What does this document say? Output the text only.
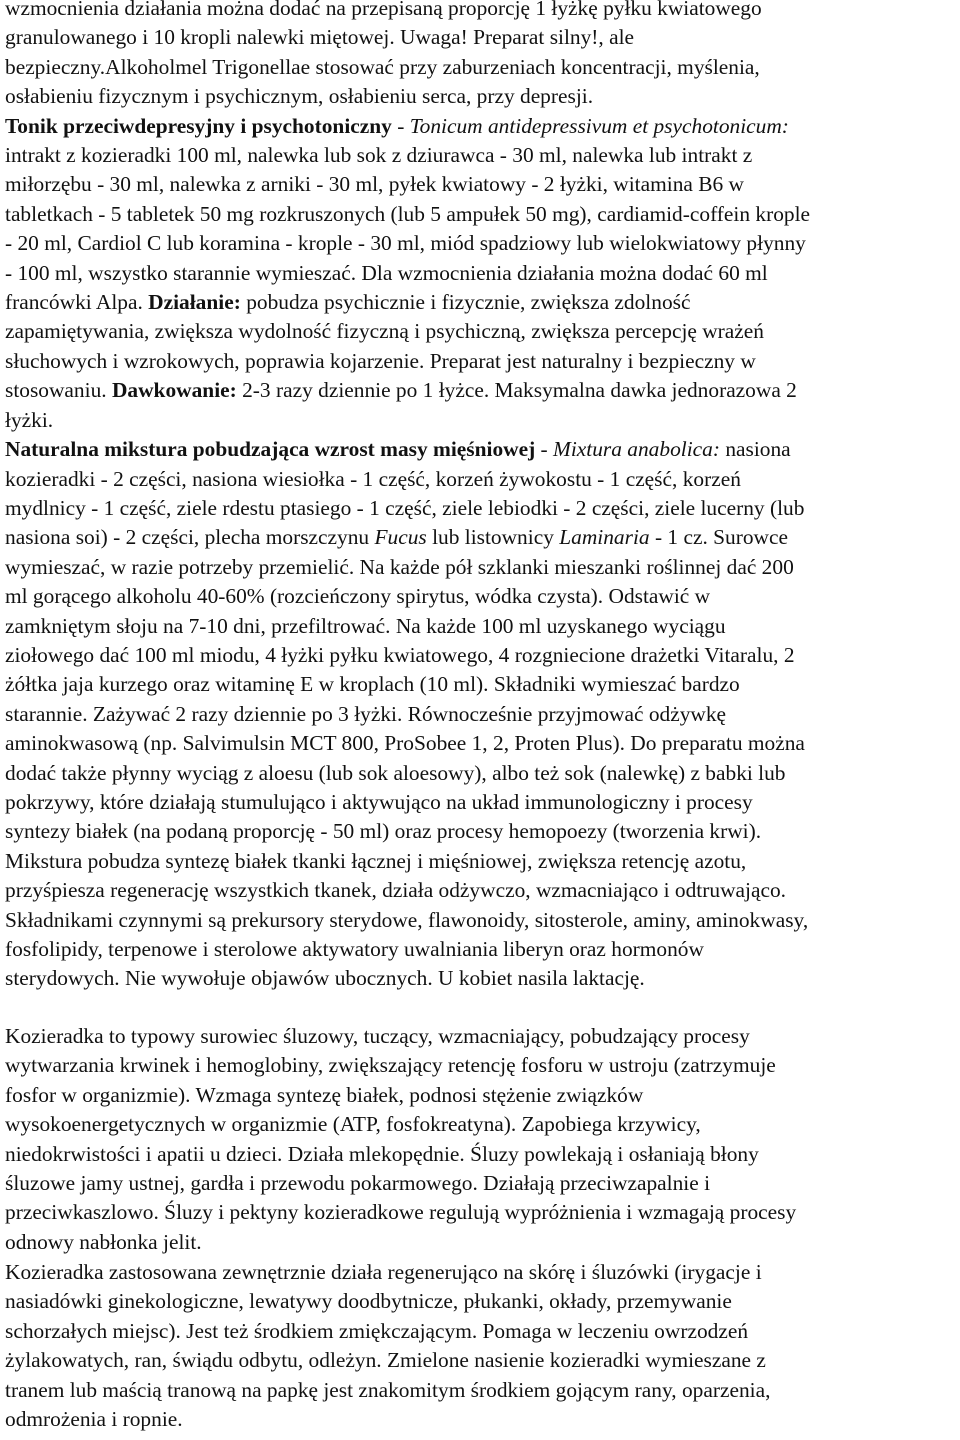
wzmocnienia działania można dodać na przepisaną proporcję 1 łyżkę pyłku kwiatowego
granulowanego i 10 kropli nalewki miętowej. Uwaga! Preparat silny!, ale
bezpieczny.Alkoholmel Trigonellae stosować przy zaburzeniach koncentracji, myślenia,
osłabieniu fizycznym i psychicznym, osłabieniu serca, przy depresji.
Tonik przeciwdepresyjny i psychotoniczny - Tonicum antidepressivum et psychotonicum:
intrakt z kozieradki 100 ml, nalewka lub sok z dziurawca - 30 ml, nalewka lub intrakt z
miłorzębu - 30 ml, nalewka z arniki - 30 ml, pyłek kwiatowy - 2 łyżki, witamina B6 w
tabletkach - 5 tabletek 50 mg rozkruszonych (lub 5 ampułek 50 mg), cardiamid-coffein krople
- 20 ml, Cardiol C lub koramina - krople - 30 ml, miód spadziowy lub wielokwiatowy płynny
- 100 ml, wszystko starannie wymieszać. Dla wzmocnienia działania można dodać 60 ml
francówki Alpa. Działanie: pobudza psychicznie i fizycznie, zwiększa zdolność
zapamiętywania, zwiększa wydolność fizyczną i psychiczną, zwiększa percepcję wrażeń
słuchowych i wzrokowych, poprawia kojarzenie. Preparat jest naturalny i bezpieczny w
stosowaniu. Dawkowanie: 2-3 razy dziennie po 1 łyżce. Maksymalna dawka jednorazowa 2
łyżki.
Naturalna mikstura pobudzająca wzrost masy mięśniowej - Mixtura anabolica: nasiona
kozieradki - 2 części, nasiona wiesiołka - 1 część, korzeń żywokostu - 1 część, korzeń
mydlnicy - 1 część, ziele rdestu ptasiego - 1 część, ziele lebiodki - 2 części, ziele lucerny (lub
nasiona soi) - 2 części, plecha morszczynu Fucus lub listownicy Laminaria - 1 cz. Surowce
wymieszać, w razie potrzeby przemielić. Na każde pół szklanki mieszanki roślinnej dać 200
ml gorącego alkoholu 40-60% (rozcieńczony spirytus, wódka czysta). Odstawić w
zamkniętym słoju na 7-10 dni, przefiltrować. Na każde 100 ml uzyskanego wyciągu
ziołowego dać 100 ml miodu, 4 łyżki pyłku kwiatowego, 4 rozgniecione drażetki Vitaralu, 2
żółtka jaja kurzego oraz witaminę E w kroplach (10 ml). Składniki wymieszać bardzo
starannie. Zażywać 2 razy dziennie po 3 łyżki. Równocześnie przyjmować odżywkę
aminokwasową (np. Salvimulsin MCT 800, ProSobee 1, 2, Proten Plus). Do preparatu można
dodać także płynny wyciąg z aloesu (lub sok aloesowy), albo też sok (nalewkę) z babki lub
pokrzywy, które działają stumulująco i aktywująco na układ immunologiczny i procesy
syntezy białek (na podaną proporcję - 50 ml) oraz procesy hemopoezy (tworzenia krwi).
Mikstura pobudza syntezę białek tkanki łącznej i mięśniowej, zwiększa retencję azotu,
przyśpiesza regenerację wszystkich tkanek, działa odżywczo, wzmacniająco i odtruwająco.
Składnikami czynnymi są prekursory sterydowe, flawonoidy, sitosterole, aminy, aminokwasy,
fosfolipidy, terpenowe i sterolowe aktywatory uwalniania liberyn oraz hormonów
sterydowych. Nie wywołuje objawów ubocznych. U kobiet nasila laktację.
Kozieradka to typowy surowiec śluzowy, tuczący, wzmacniający, pobudzający procesy
wytwarzania krwinek i hemoglobiny, zwiększający retencję fosforu w ustroju (zatrzymuje
fosfor w organizmie). Wzmaga syntezę białek, podnosi stężenie związków
wysokoenergetycznych w organizmie (ATP, fosfokreatyna). Zapobiega krzywicy,
niedokrwistości i apatii u dzieci. Działa mlekopędnie. Śluzy powlekają i osłaniają błony
śluzowe jamy ustnej, gardła i przewodu pokarmowego. Działają przeciwzapalnie i
przeciwkaszlowo. Śluzy i pektyny kozieradkowe regulują wypróżnienia i wzmagają procesy
odnowy nabłonka jelit.
Kozieradka zastosowana zewnętrznie działa regenerująco na skórę i śluzówki (irygacje i
nasiadówki ginekologiczne, lewatywy doodbytnicze, płukanki, okłady, przemywanie
schorzałych miejsc). Jest też środkiem zmiękczającym. Pomaga w leczeniu owrzodzeń
żylakowatych, ran, świądu odbytu, odleżyn. Zmielone nasienie kozieradki wymieszane z
tranem lub maścią tranową na papkę jest znakomitym środkiem gojącym rany, oparzenia,
odmrożenia i ropnie.
